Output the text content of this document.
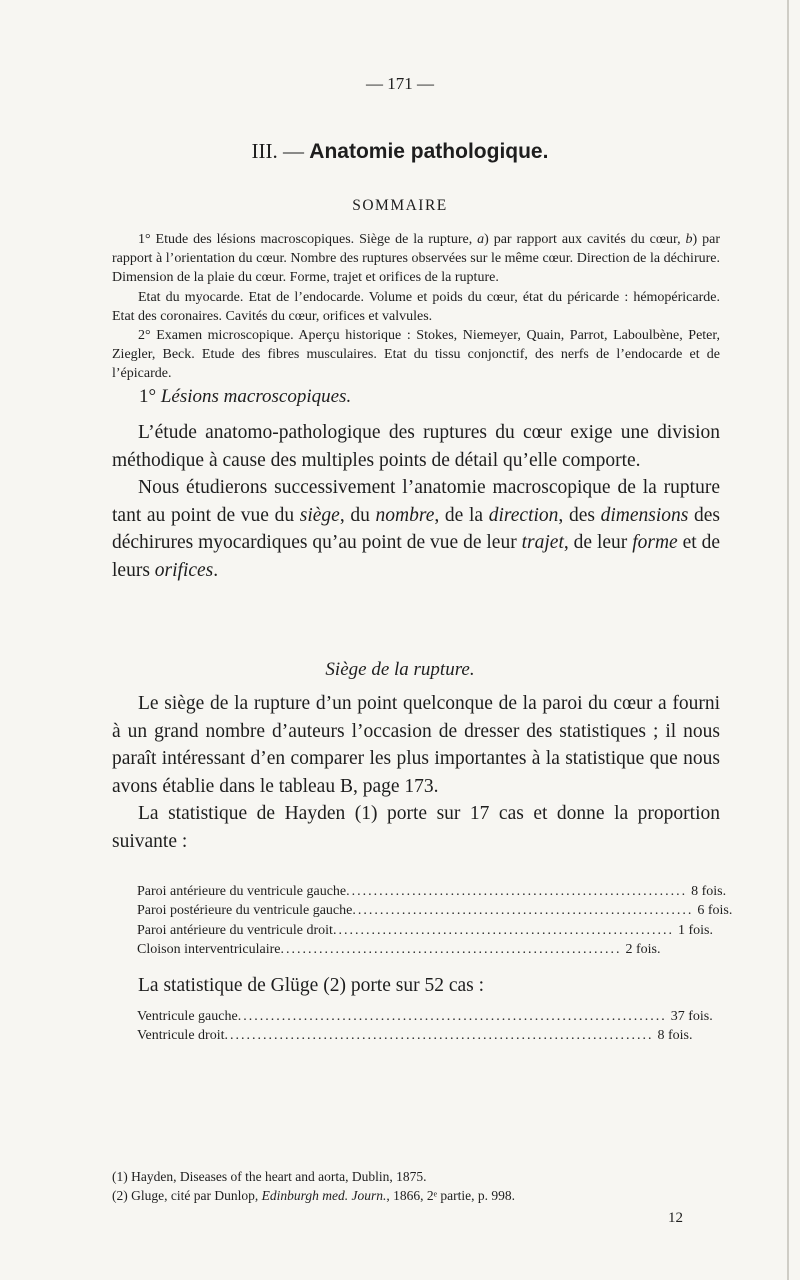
— 171 —
III. — Anatomie pathologique.
SOMMAIRE

1° Etude des lésions macroscopiques. Siège de la rupture, a) par rapport aux cavités du cœur, b) par rapport à l’orientation du cœur. Nombre des ruptures observées sur le même cœur. Direction de la déchirure. Dimension de la plaie du cœur. Forme, trajet et orifices de la rupture.

Etat du myocarde. Etat de l’endocarde. Volume et poids du cœur, état du péricarde : hémopéricarde. Etat des coronaires. Cavités du cœur, orifices et valvules.

2° Examen microscopique. Aperçu historique : Stokes, Niemeyer, Quain, Parrot, Laboulbène, Peter, Ziegler, Beck. Etude des fibres musculaires. Etat du tissu conjonctif, des nerfs de l’endocarde et de l’épicarde.

1° Lésions macroscopiques.

L’étude anatomo-pathologique des ruptures du cœur exige une division méthodique à cause des multiples points de détail qu’elle comporte.

Nous étudierons successivement l’anatomie macroscopique de la rupture tant au point de vue du siège, du nombre, de la direction, des dimensions des déchirures myocardiques qu’au point de vue de leur trajet, de leur forme et de leurs orifices.

Siège de la rupture.

Le siège de la rupture d’un point quelconque de la paroi du cœur a fourni à un grand nombre d’auteurs l’occasion de dresser des statistiques ; il nous paraît intéressant d’en comparer les plus importantes à la statistique que nous avons établie dans le tableau B, page 173.

La statistique de Hayden (1) porte sur 17 cas et donne la proportion suivante :

Paroi antérieure du ventricule gauche .............................................................. 8 fois.
Paroi postérieure du ventricule gauche .............................................................. 6 fois.
Paroi antérieure du ventricule droit .............................................................. 1 fois.
Cloison interventriculaire .............................................................. 2 fois.

La statistique de Glüge (2) porte sur 52 cas :

Ventricule gauche .............................................................................. 37 fois.
Ventricule droit .............................................................................. 8 fois.

(1) Hayden, Diseases of the heart and aorta, Dublin, 1875.

(2) Gluge, cité par Dunlop, Edinburgh med. Journ., 1866, 2ᵉ partie, p. 998.

12
